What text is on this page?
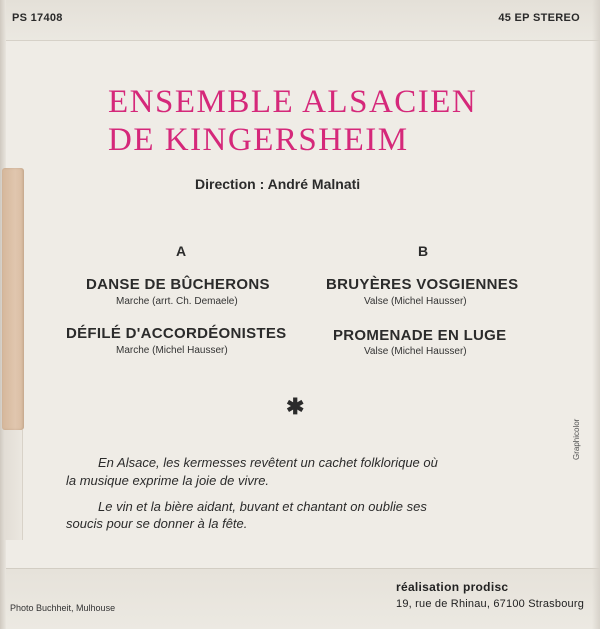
PS 17408	45 EP STEREO
ENSEMBLE ALSACIEN
DE KINGERSHEIM
Direction : André Malnati
A	B
DANSE DE BÛCHERONS
Marche (arrt. Ch. Demaele)
DÉFILÉ D'ACCORDÉONISTES
Marche (Michel Hausser)
BRUYÈRES VOSGIENNES
Valse (Michel Hausser)
PROMENADE EN LUGE
Valse (Michel Hausser)
✱
En Alsace, les kermesses revêtent un cachet folklorique où
la musique exprime la joie de vivre.
Le vin et la bière aidant, buvant et chantant on oublie ses
soucis pour se donner à la fête.
Graphicolor
Photo Buchheit, Mulhouse
réalisation prodisc
19, rue de Rhinau, 67100 Strasbourg
